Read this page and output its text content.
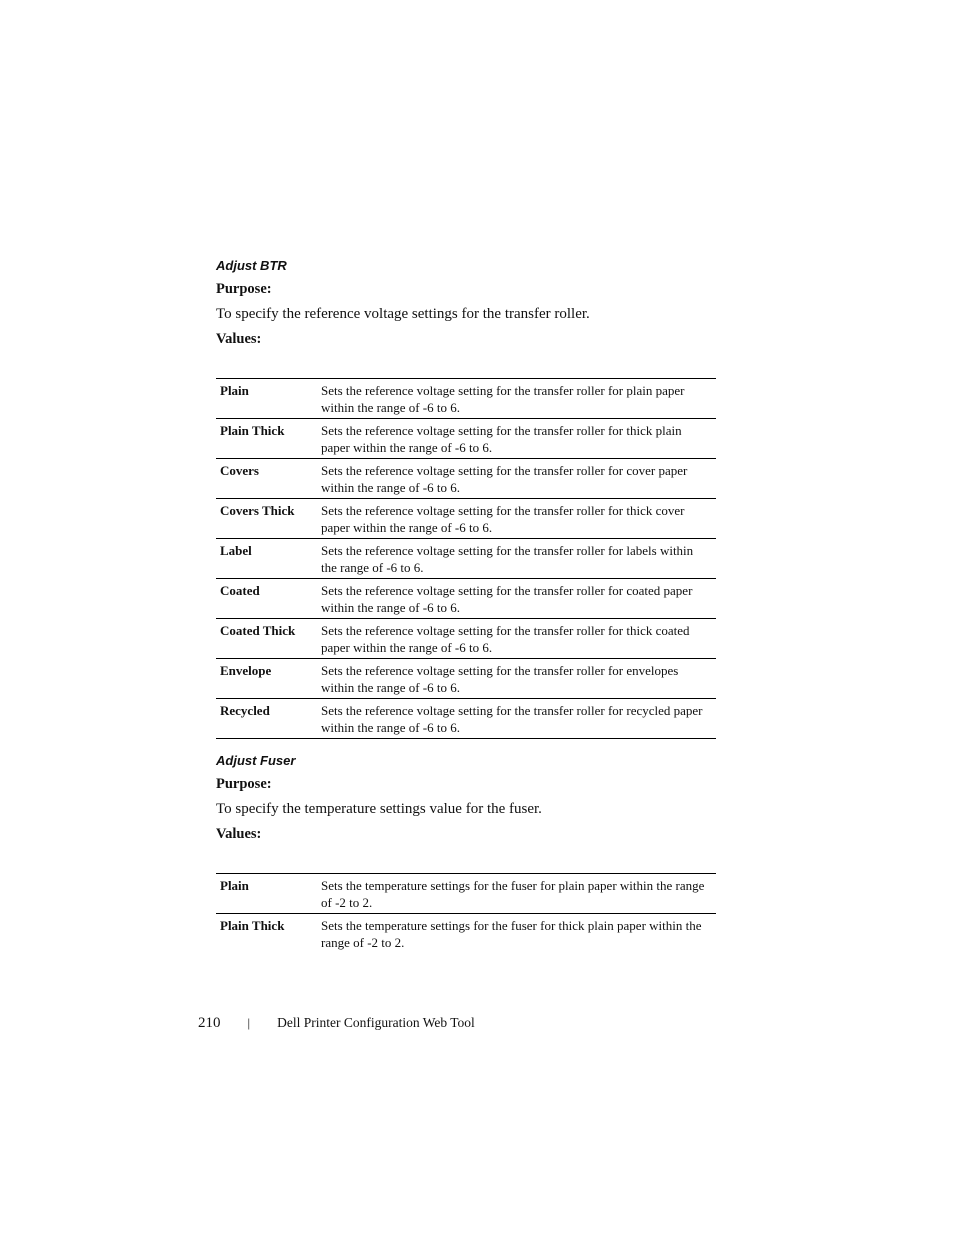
Adjust BTR
Purpose:
To specify the reference voltage settings for the transfer roller.
Values:
Plain	Sets the reference voltage setting for the transfer roller for plain paper within the range of -6 to 6.
Plain Thick	Sets the reference voltage setting for the transfer roller for thick plain paper within the range of -6 to 6.
Covers	Sets the reference voltage setting for the transfer roller for cover paper within the range of -6 to 6.
Covers Thick	Sets the reference voltage setting for the transfer roller for thick cover paper within the range of -6 to 6.
Label	Sets the reference voltage setting for the transfer roller for labels within the range of -6 to 6.
Coated	Sets the reference voltage setting for the transfer roller for coated paper within the range of -6 to 6.
Coated Thick	Sets the reference voltage setting for the transfer roller for thick coated paper within the range of -6 to 6.
Envelope	Sets the reference voltage setting for the transfer roller for envelopes within the range of -6 to 6.
Recycled	Sets the reference voltage setting for the transfer roller for recycled paper within the range of -6 to 6.
Adjust Fuser
Purpose:
To specify the temperature settings value for the fuser.
Values:
Plain	Sets the temperature settings for the fuser for plain paper within the range of -2 to 2.
Plain Thick	Sets the temperature settings for the fuser for thick plain paper within the range of -2 to 2.
210 | Dell Printer Configuration Web Tool
